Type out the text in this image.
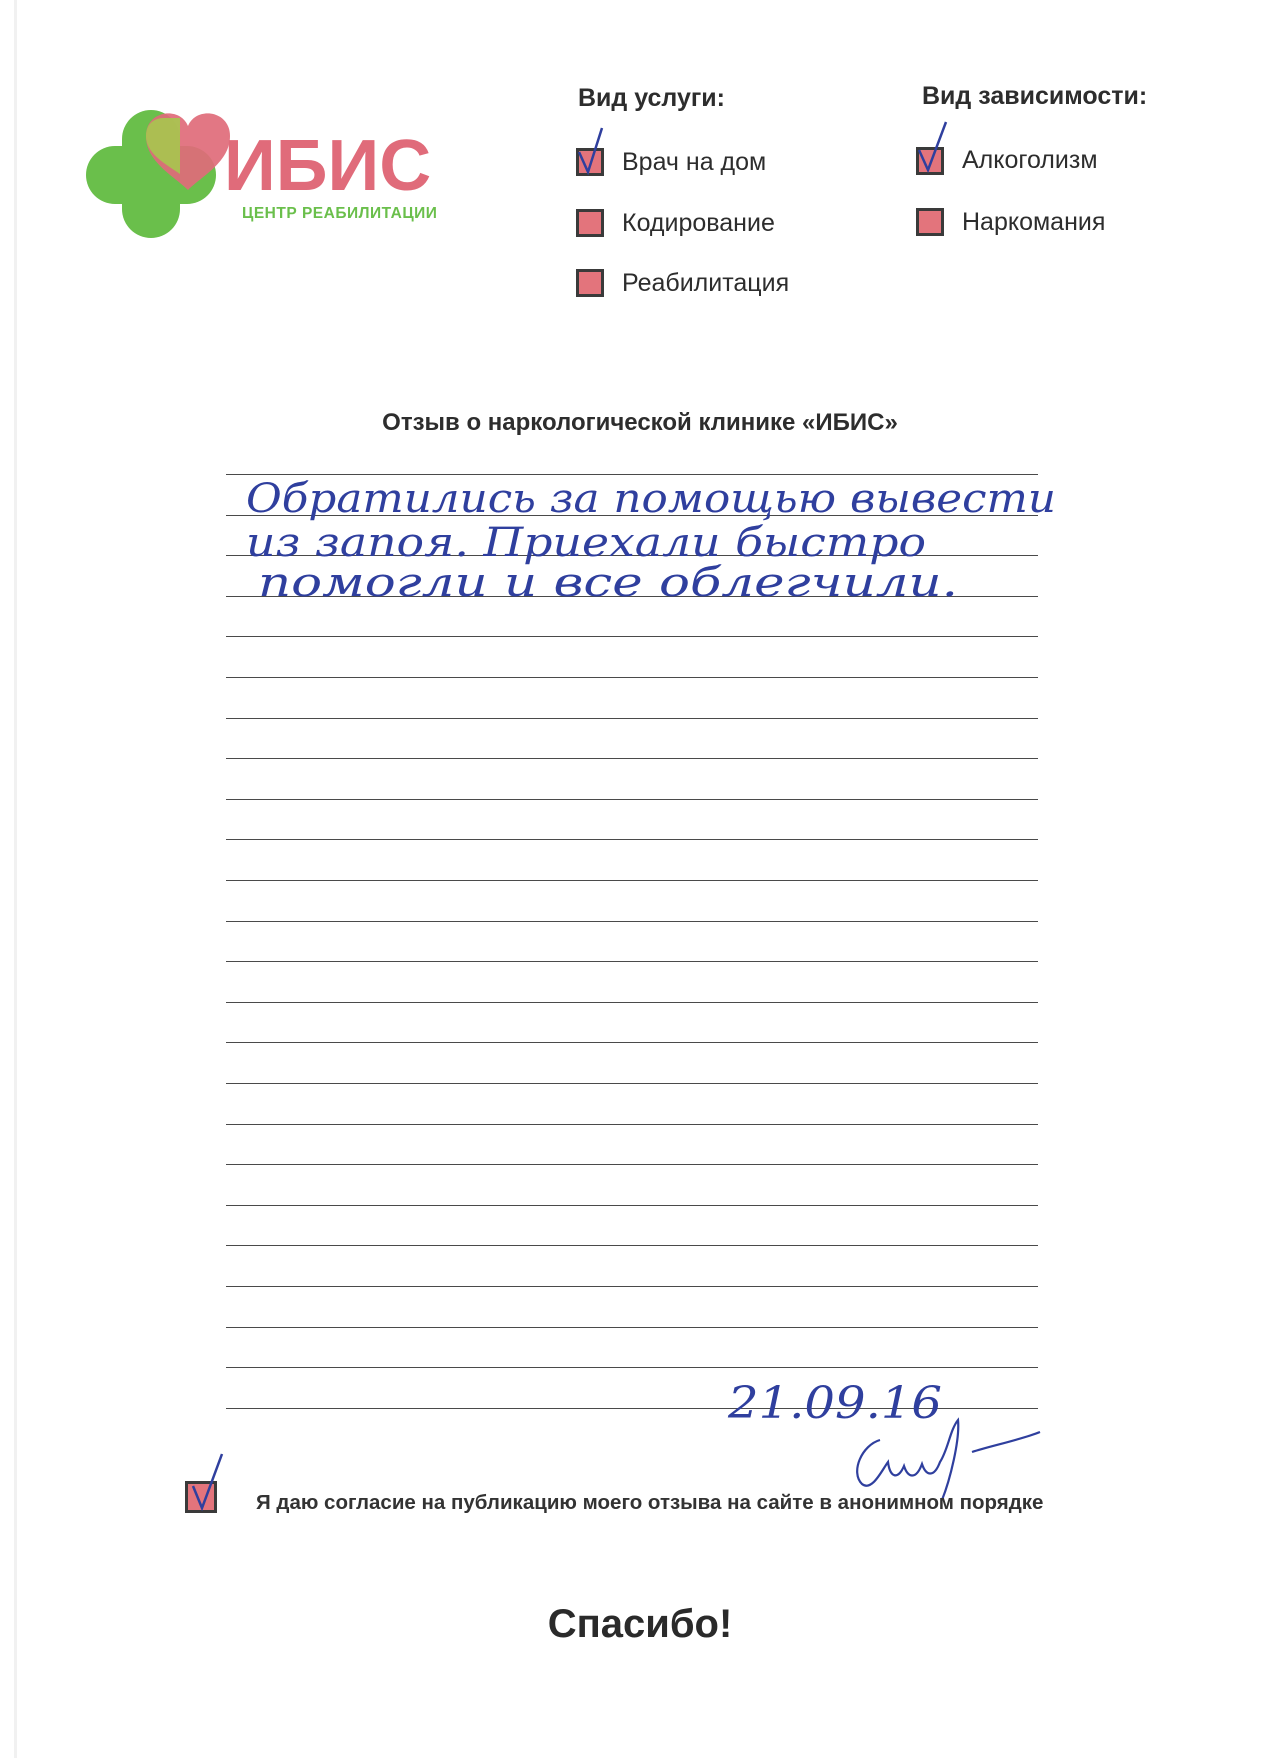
ИБИС
ЦЕНТР РЕАБИЛИТАЦИИ
Вид услуги:
Врач на дом
Кодирование
Реабилитация
Вид зависимости:
Алкоголизм
Наркомания
Отзыв о наркологической клинике «ИБИС»
Обратились за помощью вывести
из запоя. Приехали быстро
помогли и все облегчили.
21.09.16
Я даю согласие на публикацию моего отзыва на сайте в анонимном порядке
Спасибо!
